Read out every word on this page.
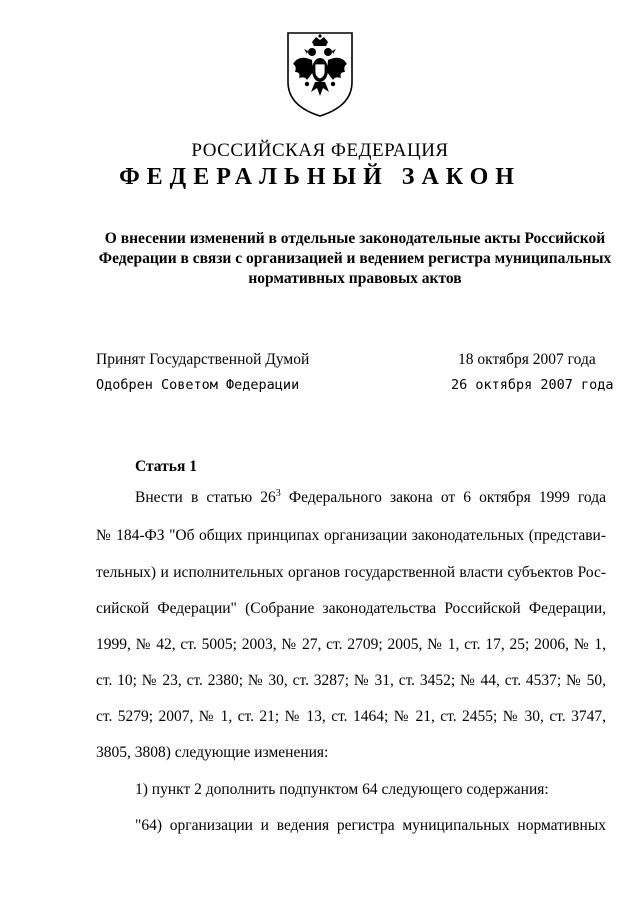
РОССИЙСКАЯ ФЕДЕРАЦИЯ
ФЕДЕРАЛЬНЫЙ ЗАКОН
О внесении изменений в отдельные законодательные акты Российской
Федерации в связи с организацией и ведением регистра муниципальных
нормативных правовых актов
Принят Государственной Думой	18 октября 2007 года
Одобрен Советом Федерации	26 октября 2007 года
Статья 1
Внести в статью $26^3$ Федерального закона от 6 октября 1999 года
№ 184-ФЗ "Об общих принципах организации законодательных (представи-
тельных) и исполнительных органов государственной власти субъектов Рос-
сийской Федерации" (Собрание законодательства Российской Федерации,
1999, № 42, ст. 5005; 2003, № 27, ст. 2709; 2005, № 1, ст. 17, 25; 2006, № 1,
ст. 10; № 23, ст. 2380; № 30, ст. 3287; № 31, ст. 3452; № 44, ст. 4537; № 50,
ст. 5279; 2007, № 1, ст. 21; № 13, ст. 1464; № 21, ст. 2455; № 30, ст. 3747,
3805, 3808) следующие изменения:
1) пункт 2 дополнить подпунктом 64 следующего содержания:
"64) организации и ведения регистра муниципальных нормативных
